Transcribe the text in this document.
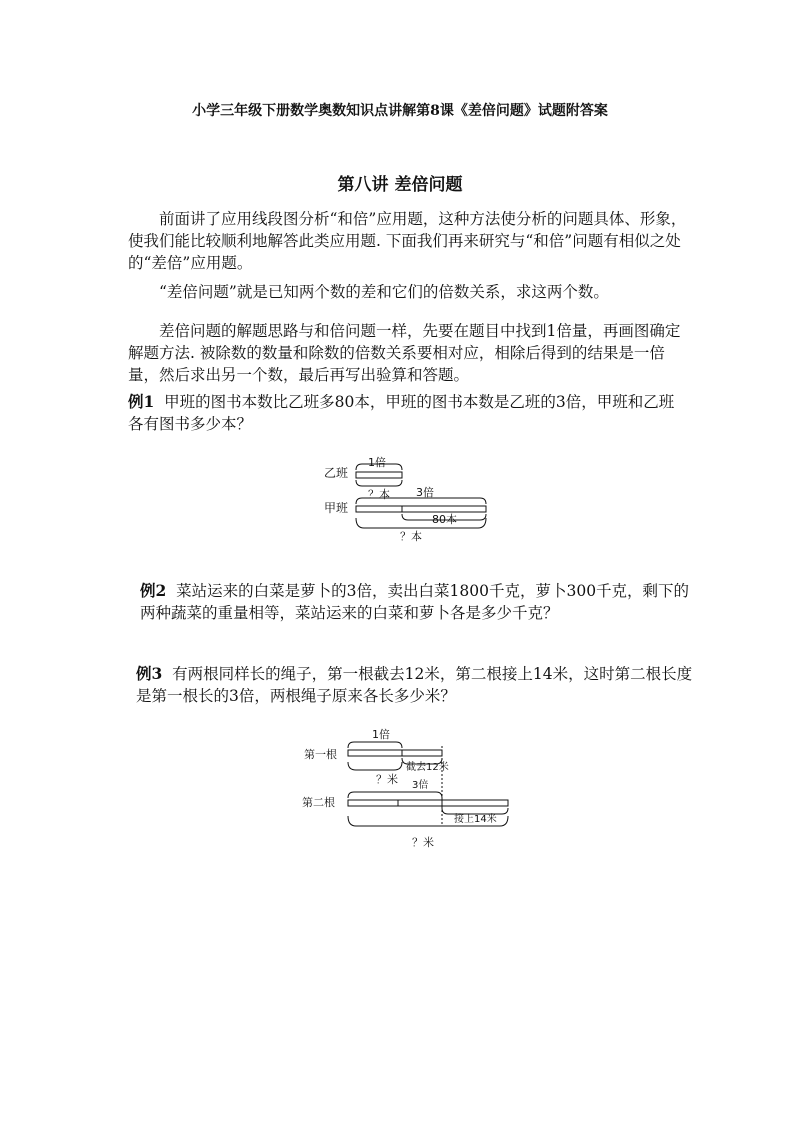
小学三年级下册数学奥数知识点讲解第8课《差倍问题》试题附答案
第八讲 差倍问题
前面讲了应用线段图分析“和倍”应用题，这种方法使分析的问题具体、形象，使我们能比较顺利地解答此类应用题. 下面我们再来研究与“和倍”问题有相似之处的“差倍”应用题。
“差倍问题”就是已知两个数的差和它们的倍数关系，求这两个数。
差倍问题的解题思路与和倍问题一样，先要在题目中找到1倍量，再画图确定解题方法. 被除数的数量和除数的倍数关系要相对应，相除后得到的结果是一倍量，然后求出另一个数，最后再写出验算和答题。
例1 甲班的图书本数比乙班多80本，甲班的图书本数是乙班的3倍，甲班和乙班各有图书多少本？
乙班
1倍
？本 3倍
甲班
80本
？本
例2 菜站运来的白菜是萝卜的3倍，卖出白菜1800千克，萝卜300千克，剩下的两种蔬菜的重量相等，菜站运来的白菜和萝卜各是多少千克？
例3 有两根同样长的绳子，第一根截去12米，第二根接上14米，这时第二根长度是第一根长的3倍，两根绳子原来各长多少米？
1倍
第一根
截去12米
？米 3倍
第二根
接上14米
？米
